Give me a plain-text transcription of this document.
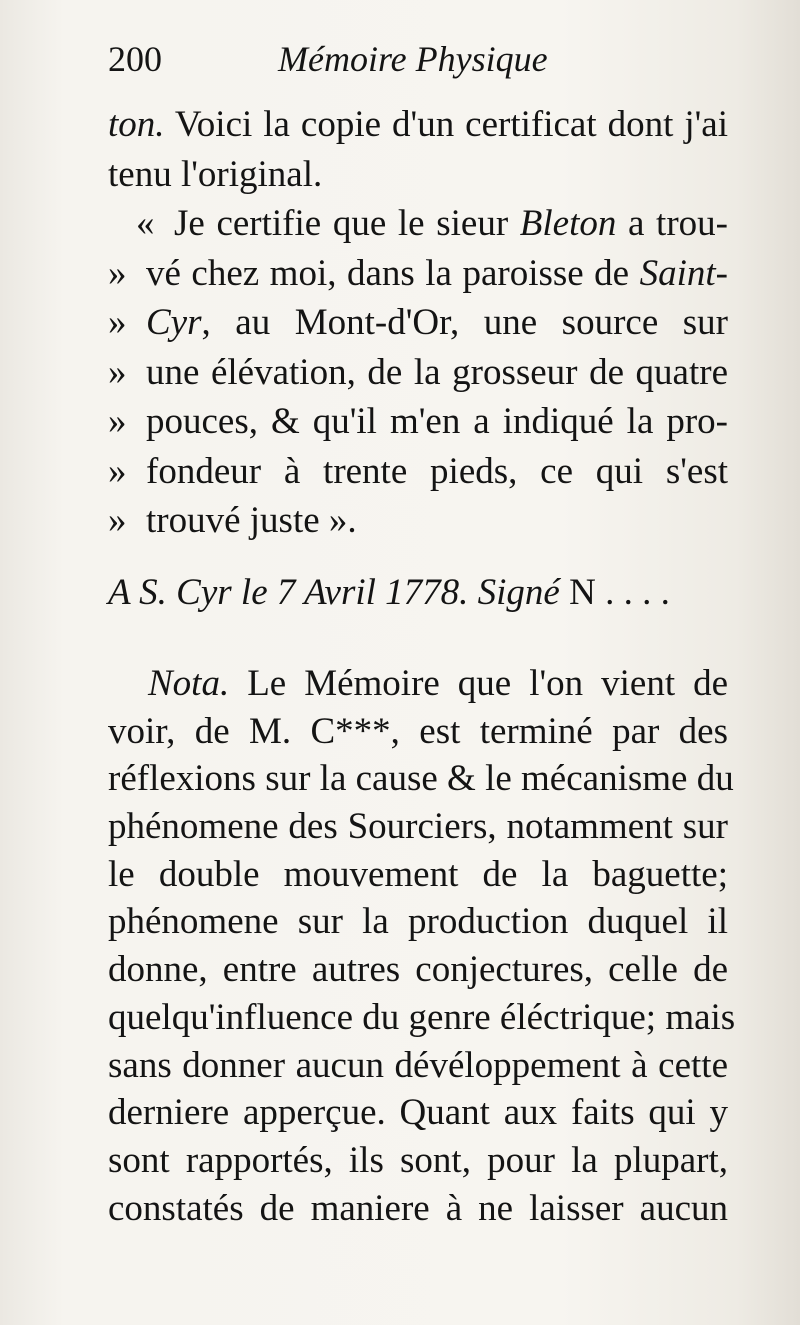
200	Mémoire Physique
ton. Voici la copie d'un certificat dont j'ai
tenu l'original.
« Je certifie que le sieur Bleton a trou-
» vé chez moi, dans la paroisse de Saint-
» Cyr, au Mont-d'Or, une source sur
» une élévation, de la grosseur de quatre
» pouces, & qu'il m'en a indiqué la pro-
» fondeur à trente pieds, ce qui s'est
» trouvé juste ».
A S. Cyr le 7 Avril 1778. Signé N . . . .
Nota. Le Mémoire que l'on vient de
voir, de M. C***, est terminé par des
réflexions sur la cause & le mécanisme du
phénomene des Sourciers, notamment sur
le double mouvement de la baguette;
phénomene sur la production duquel il
donne, entre autres conjectures, celle de
quelqu'influence du genre éléctrique; mais
sans donner aucun dévéloppement à cette
derniere apperçue. Quant aux faits qui y
sont rapportés, ils sont, pour la plupart,
constatés de maniere à ne laisser aucun
